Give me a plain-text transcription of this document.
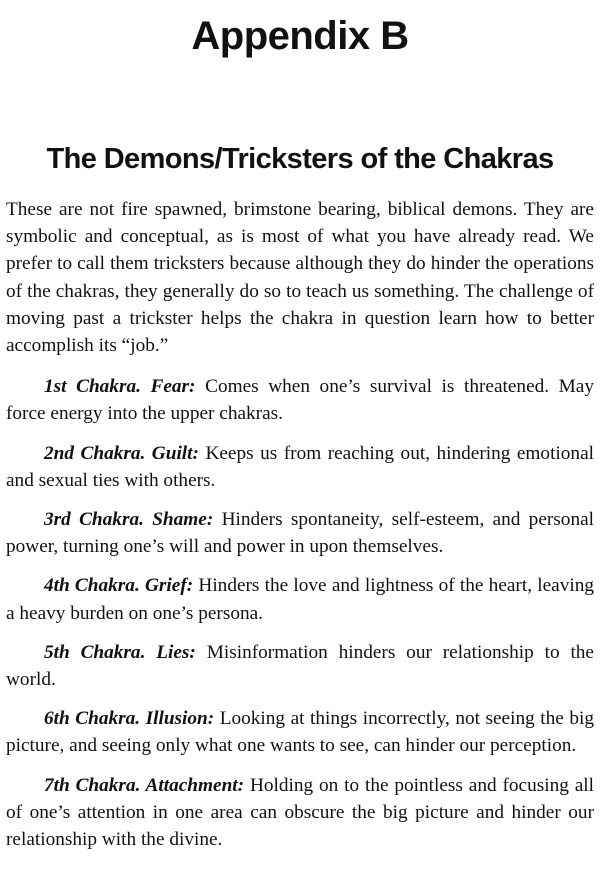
Appendix B
The Demons/Tricksters of the Chakras

These are not fire spawned, brimstone bearing, biblical demons. They are symbolic and conceptual, as is most of what you have already read. We prefer to call them tricksters because although they do hinder the operations of the chakras, they generally do so to teach us something. The challenge of moving past a trickster helps the chakra in question learn how to better accomplish its “job.”

1st Chakra. Fear: Comes when one’s survival is threatened. May force energy into the upper chakras.

2nd Chakra. Guilt: Keeps us from reaching out, hindering emotional and sexual ties with others.

3rd Chakra. Shame: Hinders spontaneity, self-esteem, and personal power, turning one’s will and power in upon themselves.

4th Chakra. Grief: Hinders the love and lightness of the heart, leaving a heavy burden on one’s persona.

5th Chakra. Lies: Misinformation hinders our relationship to the world.

6th Chakra. Illusion: Looking at things incorrectly, not seeing the big picture, and seeing only what one wants to see, can hinder our perception.

7th Chakra. Attachment: Holding on to the pointless and focusing all of one’s attention in one area can obscure the big picture and hinder our relationship with the divine.
